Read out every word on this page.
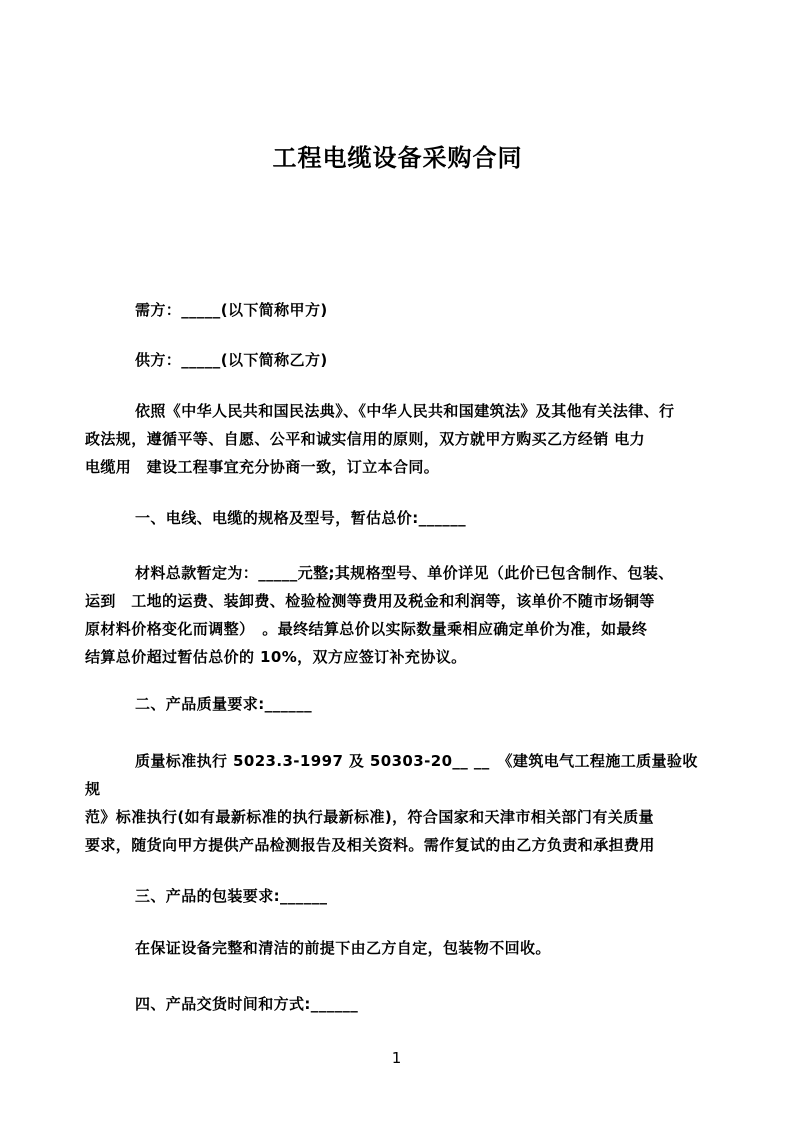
工程电缆设备采购合同

需方：_____(以下简称甲方)

供方：_____(以下简称乙方)

依照《中华人民共和国民法典》、《中华人民共和国建筑法》及其他有关法律、行

政法规，遵循平等、自愿、公平和诚实信用的原则，双方就甲方购买乙方经销 电力

电缆用　建设工程事宜充分协商一致，订立本合同。

一、电线、电缆的规格及型号，暂估总价:______

材料总款暂定为：_____元整;其规格型号、单价详见（此价已包含制作、包装、

运到　工地的运费、装卸费、检验检测等费用及税金和利润等，该单价不随市场铜等

原材料价格变化而调整）　。最终结算总价以实际数量乘相应确定单价为准，如最终

结算总价超过暂估总价的 10%，双方应签订补充协议。

二、产品质量要求:______

质量标准执行 5023.3-1997 及 50303-20__ __　《建筑电气工程施工质量验收规

范》标准执行(如有最新标准的执行最新标准)，符合国家和天津市相关部门有关质量

要求，随货向甲方提供产品检测报告及相关资料。需作复试的由乙方负责和承担费用

三、产品的包装要求:______

在保证设备完整和清洁的前提下由乙方自定，包装物不回收。

四、产品交货时间和方式:______

1
